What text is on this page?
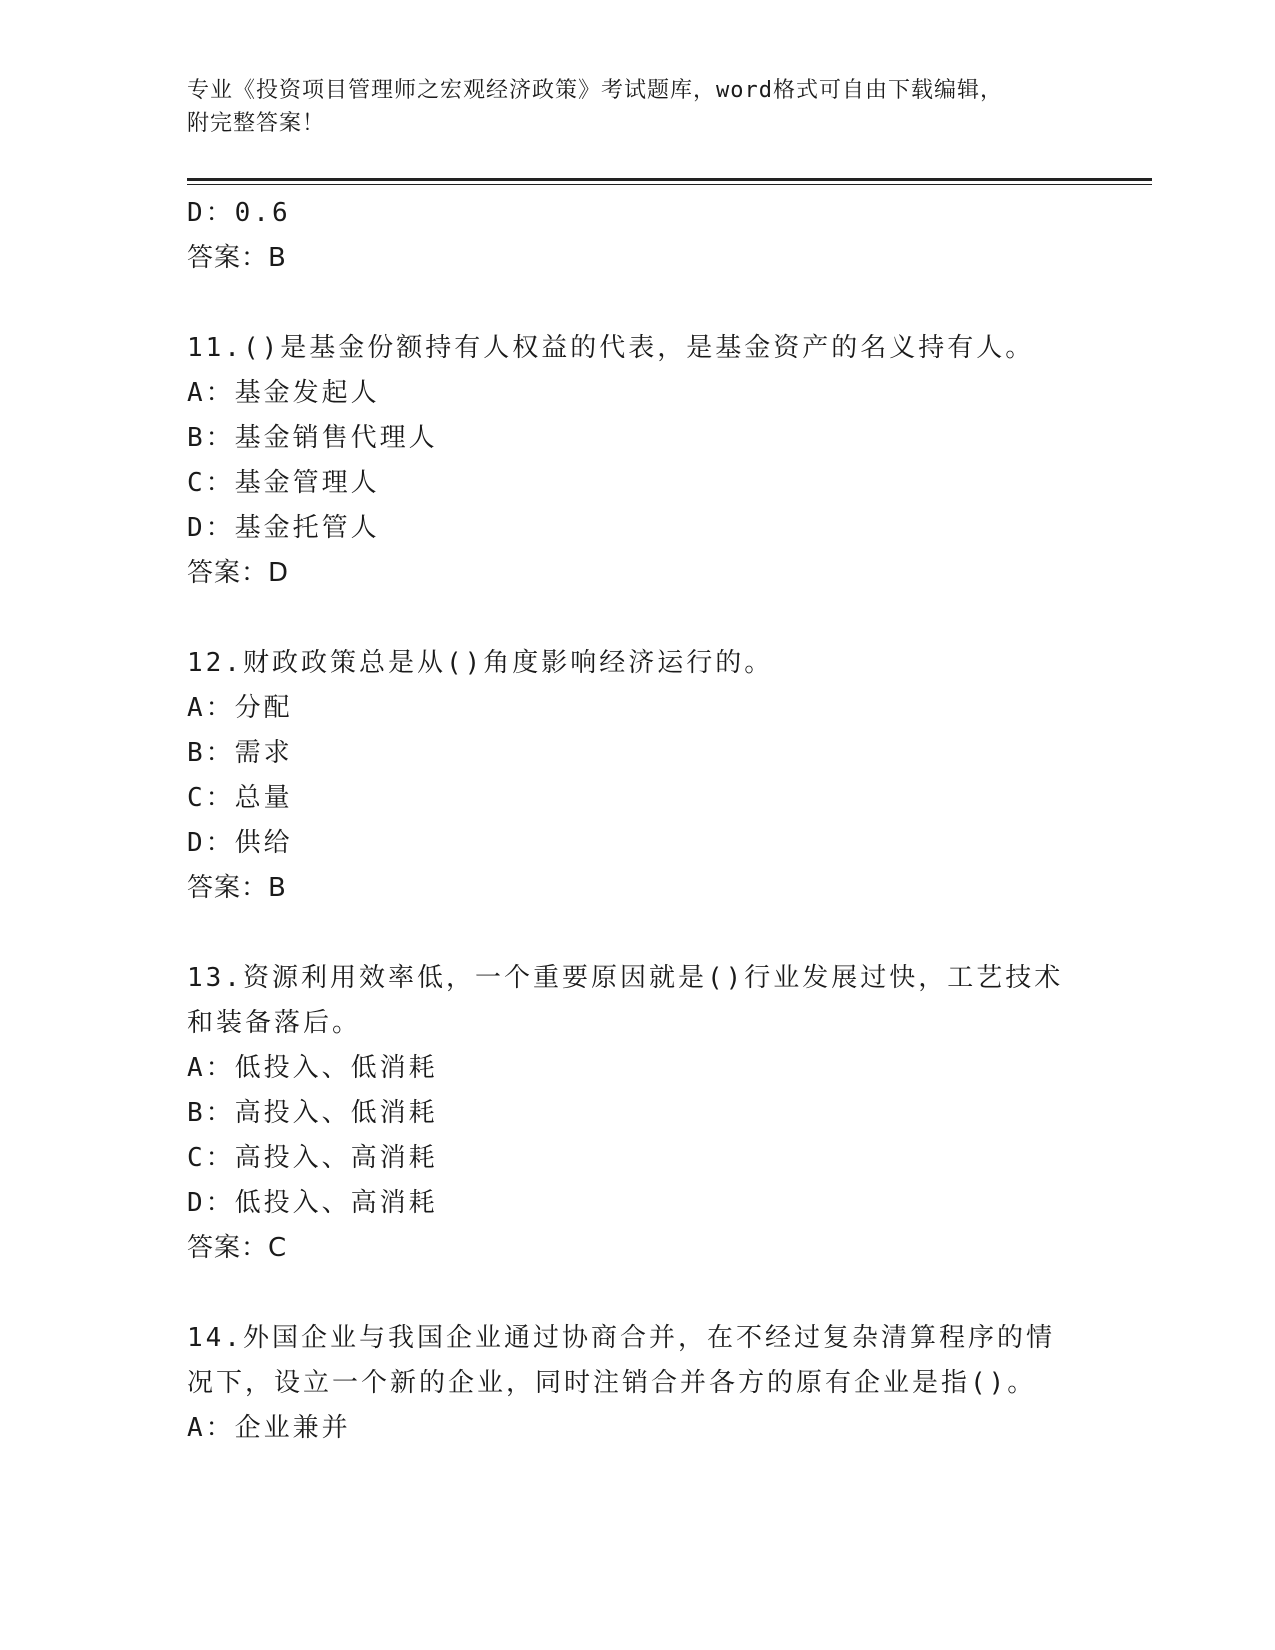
专业《投资项目管理师之宏观经济政策》考试题库，word格式可自由下载编辑，
附完整答案！
D：0.6
答案：B
11.()是基金份额持有人权益的代表，是基金资产的名义持有人。
A：基金发起人
B：基金销售代理人
C：基金管理人
D：基金托管人
答案：D
12.财政政策总是从()角度影响经济运行的。
A：分配
B：需求
C：总量
D：供给
答案：B
13.资源利用效率低，一个重要原因就是()行业发展过快，工艺技术和装备落后。
A：低投入、低消耗
B：高投入、低消耗
C：高投入、高消耗
D：低投入、高消耗
答案：C
14.外国企业与我国企业通过协商合并，在不经过复杂清算程序的情况下，设立一个新的企业，同时注销合并各方的原有企业是指()。
A：企业兼并
